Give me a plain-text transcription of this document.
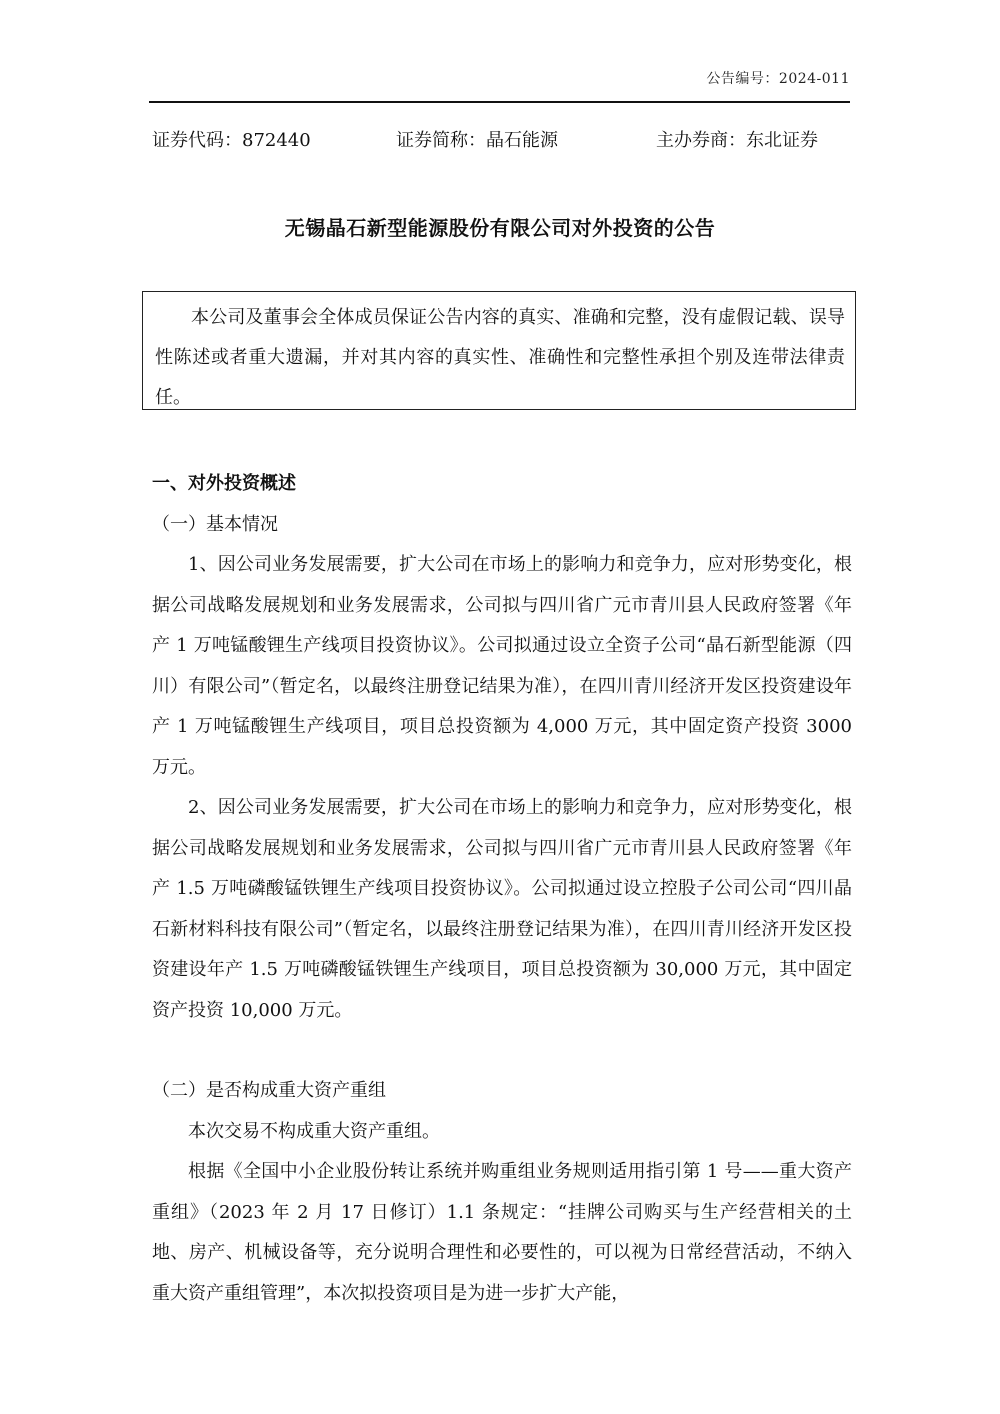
公告编号：2024-011
证券代码：872440	证券简称：晶石能源	主办券商：东北证券
无锡晶石新型能源股份有限公司对外投资的公告
本公司及董事会全体成员保证公告内容的真实、准确和完整，没有虚假记载、误导性陈述或者重大遗漏，并对其内容的真实性、准确性和完整性承担个别及连带法律责任。

一、对外投资概述

（一）基本情况

1、因公司业务发展需要，扩大公司在市场上的影响力和竞争力，应对形势变化，根据公司战略发展规划和业务发展需求，公司拟与四川省广元市青川县人民政府签署《年产 1 万吨锰酸锂生产线项目投资协议》。公司拟通过设立全资子公司“晶石新型能源（四川）有限公司”（暂定名，以最终注册登记结果为准），在四川青川经济开发区投资建设年产 1 万吨锰酸锂生产线项目，项目总投资额为 4,000 万元，其中固定资产投资 3000 万元。

2、因公司业务发展需要，扩大公司在市场上的影响力和竞争力，应对形势变化，根据公司战略发展规划和业务发展需求，公司拟与四川省广元市青川县人民政府签署《年产 1.5 万吨磷酸锰铁锂生产线项目投资协议》。公司拟通过设立控股子公司公司“四川晶石新材料科技有限公司”（暂定名，以最终注册登记结果为准），在四川青川经济开发区投资建设年产 1.5 万吨磷酸锰铁锂生产线项目，项目总投资额为 30,000 万元，其中固定资产投资 10,000 万元。

（二）是否构成重大资产重组

本次交易不构成重大资产重组。

根据《全国中小企业股份转让系统并购重组业务规则适用指引第 1 号——重大资产重组》（2023 年 2 月 17 日修订）1.1 条规定：“挂牌公司购买与生产经营相关的土地、房产、机械设备等，充分说明合理性和必要性的，可以视为日常经营活动，不纳入重大资产重组管理”，本次拟投资项目是为进一步扩大产能，
